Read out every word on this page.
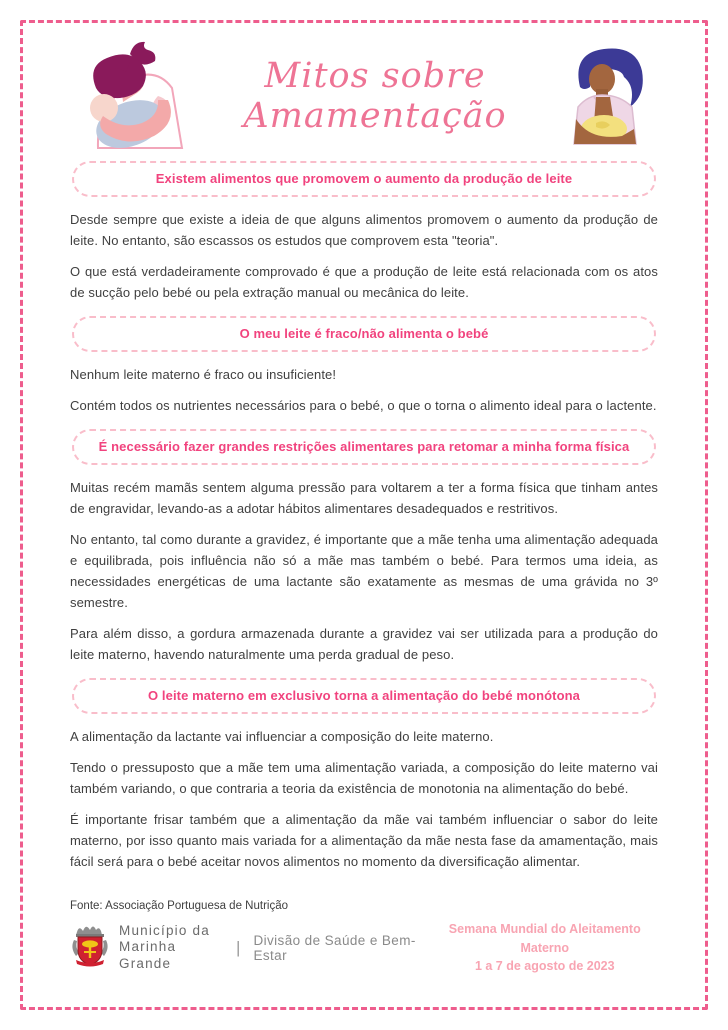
Mitos sobre
Amamentação
Existem alimentos que promovem o aumento da produção de leite

Desde sempre que existe a ideia de que alguns alimentos promovem o aumento da produção de leite. No entanto, são escassos os estudos que comprovem esta "teoria".

O que está verdadeiramente comprovado é que a produção de leite está relacionada com os atos de sucção pelo bebé ou pela extração manual ou mecânica do leite.

O meu leite é fraco/não alimenta o bebé

Nenhum leite materno é fraco ou insuficiente!

Contém todos os nutrientes necessários para o bebé, o que o torna o alimento ideal para o lactente.

É necessário fazer grandes restrições alimentares para retomar a minha forma física

Muitas recém mamãs sentem alguma pressão para voltarem a ter a forma física que tinham antes de engravidar, levando-as a adotar hábitos alimentares desadequados e restritivos.

No entanto, tal como durante a gravidez, é importante que a mãe tenha uma alimentação adequada e equilibrada, pois influência não só a mãe mas também o bebé. Para termos uma ideia, as necessidades energéticas de uma lactante são exatamente as mesmas de uma grávida no 3º semestre.

Para além disso, a gordura armazenada durante a gravidez vai ser utilizada para a produção do leite materno, havendo naturalmente uma perda gradual de peso.

O leite materno em exclusivo torna a alimentação do bebé monótona

A alimentação da lactante vai influenciar a composição do leite materno.

Tendo o pressuposto que a mãe tem uma alimentação variada, a composição do leite materno vai também variando, o que contraria a teoria da existência de monotonia na alimentação do bebé.

É importante frisar também que a alimentação da mãe vai também influenciar o sabor do leite materno, por isso quanto mais variada for a alimentação da mãe nesta fase da amamentação, mais fácil será para o bebé aceitar novos alimentos no momento da diversificação alimentar.

Fonte: Associação Portuguesa de Nutrição
Município da
Marinha Grande
| Divisão de Saúde e Bem-Estar
Semana Mundial do Aleitamento Materno
1 a 7 de agosto de 2023
